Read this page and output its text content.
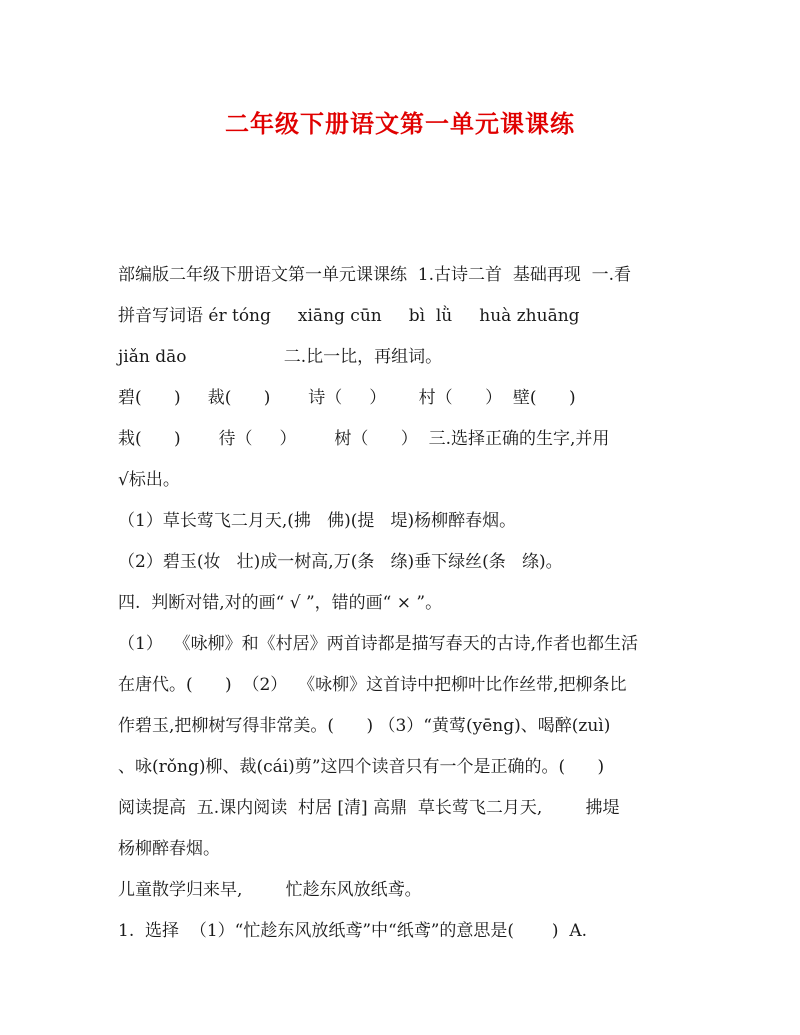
二年级下册语文第一单元课课练
部编版二年级下册语文第一单元课课练  1.古诗二首  基础再现  一.看
拼音写词语 ér tóng     xiāng cūn     bì  lǜ     huà zhuāng
jiǎn dāo                  二.比一比，再组词。
碧(      )     裁(      )       诗（     ）      村（      ）  壁(      )
栽(      )       待（     ）       树（      ）  三.选择正确的生字,并用
√标出。
（1）草长莺飞二月天,(拂   佛)(提   堤)杨柳醉春烟。
（2）碧玉(妆   壮)成一树高,万(条   绦)垂下绿丝(条   绦)。
四.  判断对错,对的画“ √ ”，错的画“ × ”。
（1）  《咏柳》和《村居》两首诗都是描写春天的古诗,作者也都生活
在唐代。(      )  （2）  《咏柳》这首诗中把柳叶比作丝带,把柳条比
作碧玉,把柳树写得非常美。(      ) （3）“黄莺(yēng)、喝醉(zuì)
、咏(rǒng)柳、裁(cái)剪”这四个读音只有一个是正确的。(      )
阅读提高  五.课内阅读  村居 [清] 高鼎  草长莺飞二月天,        拂堤
杨柳醉春烟。
儿童散学归来早,        忙趁东风放纸鸢。
1.  选择  （1）“忙趁东风放纸鸢”中“纸鸢”的意思是(       )  A.
